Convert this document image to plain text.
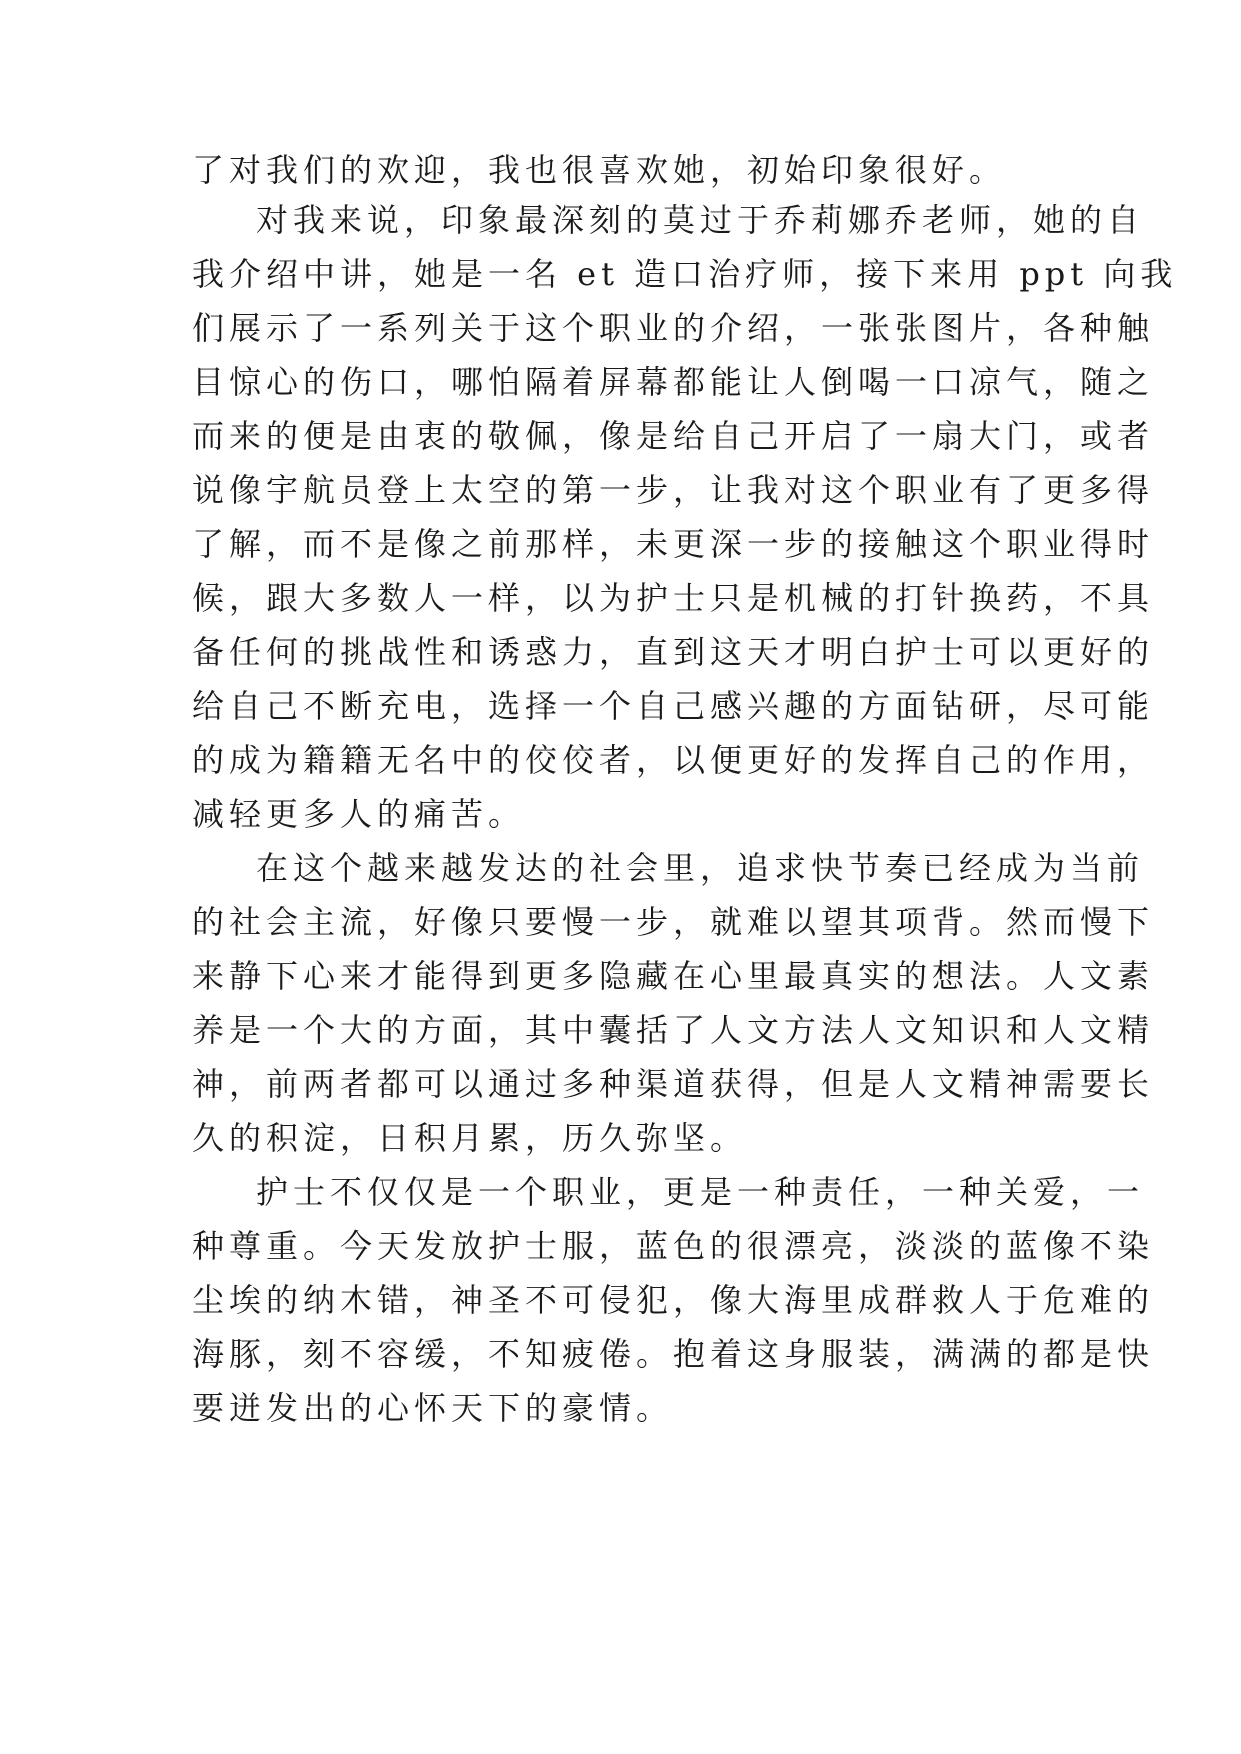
了对我们的欢迎，我也很喜欢她，初始印象很好。

对我来说，印象最深刻的莫过于乔莉娜乔老师，她的自

我介绍中讲，她是一名 et 造口治疗师，接下来用 ppt 向我

们展示了一系列关于这个职业的介绍，一张张图片，各种触

目惊心的伤口，哪怕隔着屏幕都能让人倒喝一口凉气，随之

而来的便是由衷的敬佩，像是给自己开启了一扇大门，或者

说像宇航员登上太空的第一步，让我对这个职业有了更多得

了解，而不是像之前那样，未更深一步的接触这个职业得时

候，跟大多数人一样，以为护士只是机械的打针换药，不具

备任何的挑战性和诱惑力，直到这天才明白护士可以更好的

给自己不断充电，选择一个自己感兴趣的方面钻研，尽可能

的成为籍籍无名中的佼佼者，以便更好的发挥自己的作用，

减轻更多人的痛苦。

在这个越来越发达的社会里，追求快节奏已经成为当前

的社会主流，好像只要慢一步，就难以望其项背。然而慢下

来静下心来才能得到更多隐藏在心里最真实的想法。人文素

养是一个大的方面，其中囊括了人文方法人文知识和人文精

神，前两者都可以通过多种渠道获得，但是人文精神需要长

久的积淀，日积月累，历久弥坚。

护士不仅仅是一个职业，更是一种责任，一种关爱，一

种尊重。今天发放护士服，蓝色的很漂亮，淡淡的蓝像不染

尘埃的纳木错，神圣不可侵犯，像大海里成群救人于危难的

海豚，刻不容缓，不知疲倦。抱着这身服装，满满的都是快

要迸发出的心怀天下的豪情。
